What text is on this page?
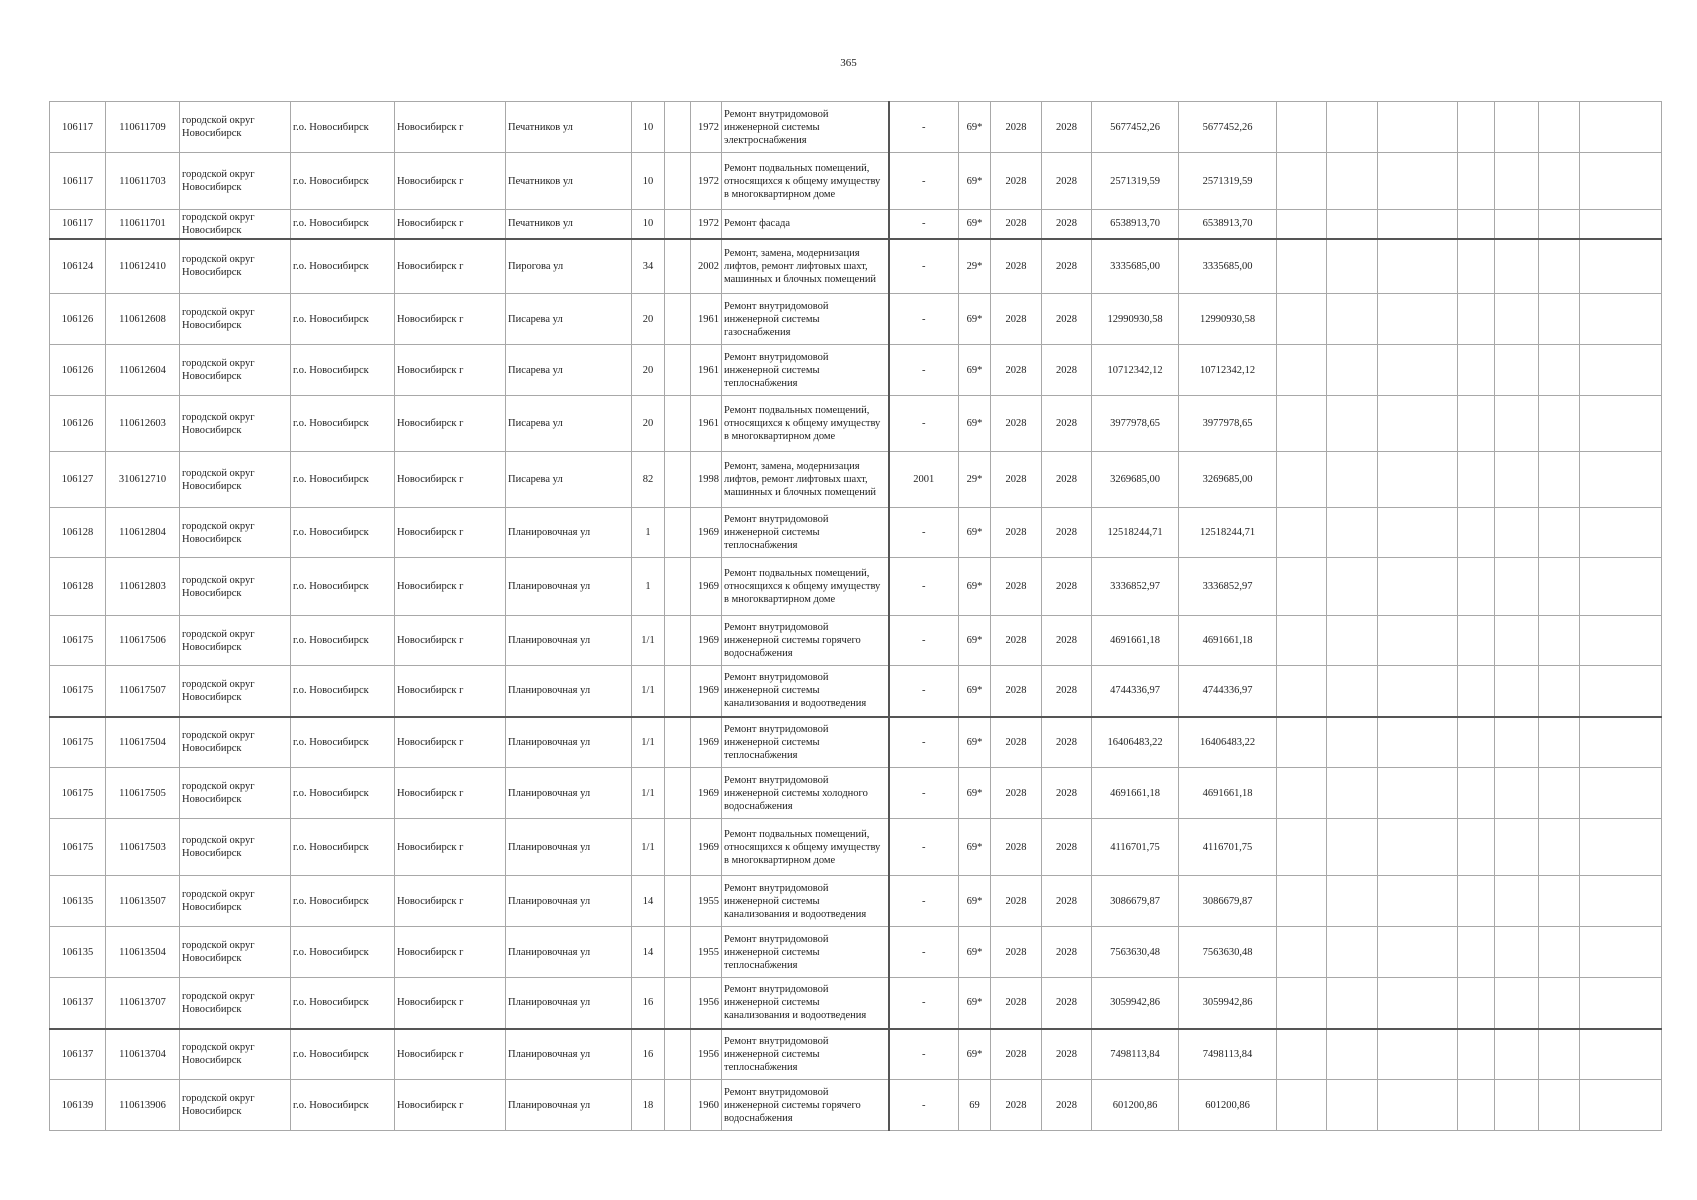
365
106117	110611709	городской округ Новосибирск	г.о. Новосибирск	Новосибирск г	Печатников ул	10		1972	Ремонт внутридомовой инженерной системы электроснабжения	-	69*	2028	2028	5677452,26	5677452,26							
106117	110611703	городской округ Новосибирск	г.о. Новосибирск	Новосибирск г	Печатников ул	10		1972	Ремонт подвальных помещений, относящихся к общему имуществу в многоквартирном доме	-	69*	2028	2028	2571319,59	2571319,59							
106117	110611701	городской округ Новосибирск	г.о. Новосибирск	Новосибирск г	Печатников ул	10		1972	Ремонт фасада	-	69*	2028	2028	6538913,70	6538913,70							
106124	110612410	городской округ Новосибирск	г.о. Новосибирск	Новосибирск г	Пирогова ул	34		2002	Ремонт, замена, модернизация лифтов, ремонт лифтовых шахт, машинных и блочных помещений	-	29*	2028	2028	3335685,00	3335685,00							
106126	110612608	городской округ Новосибирск	г.о. Новосибирск	Новосибирск г	Писарева ул	20		1961	Ремонт внутридомовой инженерной системы газоснабжения	-	69*	2028	2028	12990930,58	12990930,58							
106126	110612604	городской округ Новосибирск	г.о. Новосибирск	Новосибирск г	Писарева ул	20		1961	Ремонт внутридомовой инженерной системы теплоснабжения	-	69*	2028	2028	10712342,12	10712342,12							
106126	110612603	городской округ Новосибирск	г.о. Новосибирск	Новосибирск г	Писарева ул	20		1961	Ремонт подвальных помещений, относящихся к общему имуществу в многоквартирном доме	-	69*	2028	2028	3977978,65	3977978,65							
106127	310612710	городской округ Новосибирск	г.о. Новосибирск	Новосибирск г	Писарева ул	82		1998	Ремонт, замена, модернизация лифтов, ремонт лифтовых шахт, машинных и блочных помещений	2001	29*	2028	2028	3269685,00	3269685,00							
106128	110612804	городской округ Новосибирск	г.о. Новосибирск	Новосибирск г	Планировочная ул	1		1969	Ремонт внутридомовой инженерной системы теплоснабжения	-	69*	2028	2028	12518244,71	12518244,71							
106128	110612803	городской округ Новосибирск	г.о. Новосибирск	Новосибирск г	Планировочная ул	1		1969	Ремонт подвальных помещений, относящихся к общему имуществу в многоквартирном доме	-	69*	2028	2028	3336852,97	3336852,97							
106175	110617506	городской округ Новосибирск	г.о. Новосибирск	Новосибирск г	Планировочная ул	1/1		1969	Ремонт внутридомовой инженерной системы горячего водоснабжения	-	69*	2028	2028	4691661,18	4691661,18							
106175	110617507	городской округ Новосибирск	г.о. Новосибирск	Новосибирск г	Планировочная ул	1/1		1969	Ремонт внутридомовой инженерной системы канализования и водоотведения	-	69*	2028	2028	4744336,97	4744336,97							
106175	110617504	городской округ Новосибирск	г.о. Новосибирск	Новосибирск г	Планировочная ул	1/1		1969	Ремонт внутридомовой инженерной системы теплоснабжения	-	69*	2028	2028	16406483,22	16406483,22							
106175	110617505	городской округ Новосибирск	г.о. Новосибирск	Новосибирск г	Планировочная ул	1/1		1969	Ремонт внутридомовой инженерной системы холодного водоснабжения	-	69*	2028	2028	4691661,18	4691661,18							
106175	110617503	городской округ Новосибирск	г.о. Новосибирск	Новосибирск г	Планировочная ул	1/1		1969	Ремонт подвальных помещений, относящихся к общему имуществу в многоквартирном доме	-	69*	2028	2028	4116701,75	4116701,75							
106135	110613507	городской округ Новосибирск	г.о. Новосибирск	Новосибирск г	Планировочная ул	14		1955	Ремонт внутридомовой инженерной системы канализования и водоотведения	-	69*	2028	2028	3086679,87	3086679,87							
106135	110613504	городской округ Новосибирск	г.о. Новосибирск	Новосибирск г	Планировочная ул	14		1955	Ремонт внутридомовой инженерной системы теплоснабжения	-	69*	2028	2028	7563630,48	7563630,48							
106137	110613707	городской округ Новосибирск	г.о. Новосибирск	Новосибирск г	Планировочная ул	16		1956	Ремонт внутридомовой инженерной системы канализования и водоотведения	-	69*	2028	2028	3059942,86	3059942,86							
106137	110613704	городской округ Новосибирск	г.о. Новосибирск	Новосибирск г	Планировочная ул	16		1956	Ремонт внутридомовой инженерной системы теплоснабжения	-	69*	2028	2028	7498113,84	7498113,84							
106139	110613906	городской округ Новосибирск	г.о. Новосибирск	Новосибирск г	Планировочная ул	18		1960	Ремонт внутридомовой инженерной системы горячего водоснабжения	-	69	2028	2028	601200,86	601200,86							
